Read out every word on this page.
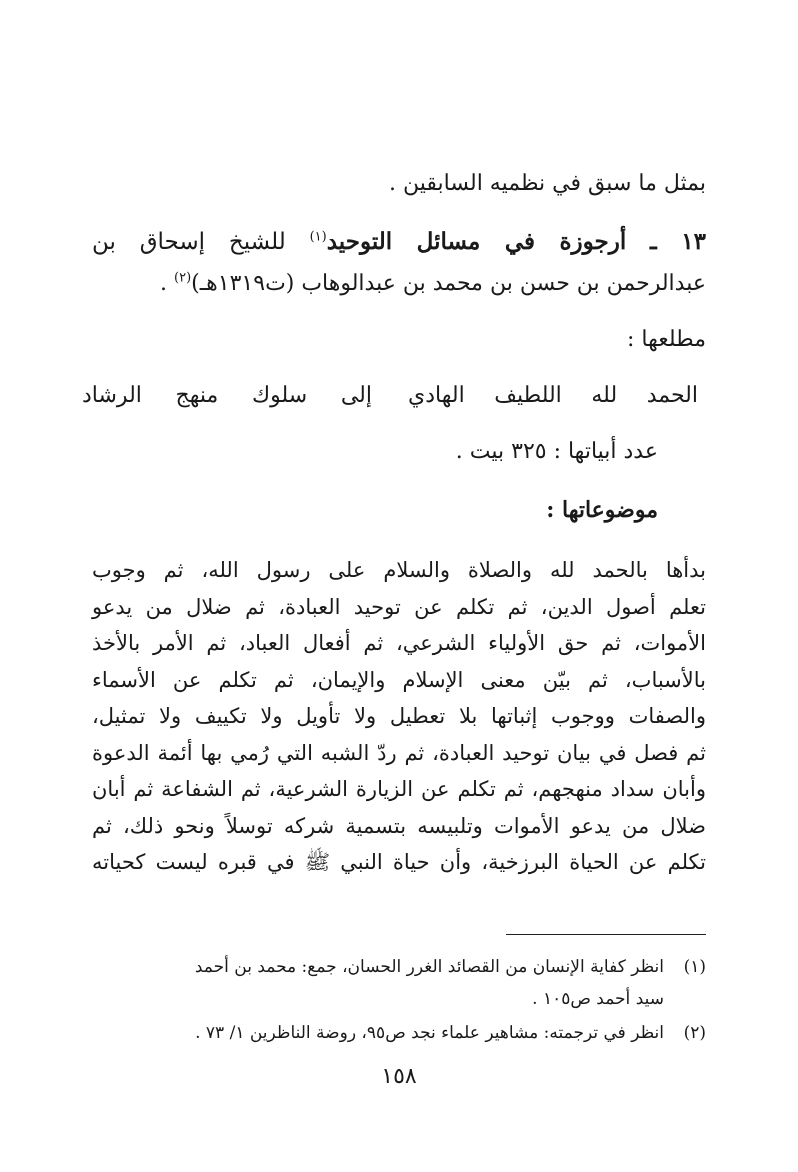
بمثل ما سبق في نظميه السابقين .
١٣ ـ أرجوزة في مسائل التوحيد$^{(١)}$ للشيخ إسحاق بن
عبدالرحمن بن حسن بن محمد بن عبدالوهاب (ت١٣١٩هـ)$^{(٢)}$ .
مطلعها :
الحمد لله اللطيف الهادي
إلى سلوك منهج الرشاد
عدد أبياتها : ٣٢٥ بيت .
موضوعاتها :
بدأها بالحمد لله والصلاة والسلام على رسول الله، ثم وجوب
تعلم أصول الدين، ثم تكلم عن توحيد العبادة، ثم ضلال من يدعو
الأموات، ثم حق الأولياء الشرعي، ثم أفعال العباد، ثم الأمر بالأخذ
بالأسباب، ثم بيّن معنى الإسلام والإيمان، ثم تكلم عن الأسماء
والصفات ووجوب إثباتها بلا تعطيل ولا تأويل ولا تكييف ولا تمثيل،
ثم فصل في بيان توحيد العبادة، ثم ردّ الشبه التي رُمي بها أئمة الدعوة
وأبان سداد منهجهم، ثم تكلم عن الزيارة الشرعية، ثم الشفاعة ثم أبان
ضلال من يدعو الأموات وتلبيسه بتسمية شركه توسلاً ونحو ذلك، ثم
تكلم عن الحياة البرزخية، وأن حياة النبي ﷺ في قبره ليست كحياته
(١)انظر كفاية الإنسان من القصائد الغرر الحسان، جمع: محمد بن أحمد
سيد أحمد ص١٠٥ .
(٢)انظر في ترجمته: مشاهير علماء نجد ص٩٥، روضة الناظرين ١/ ٧٣ .
١٥٨
